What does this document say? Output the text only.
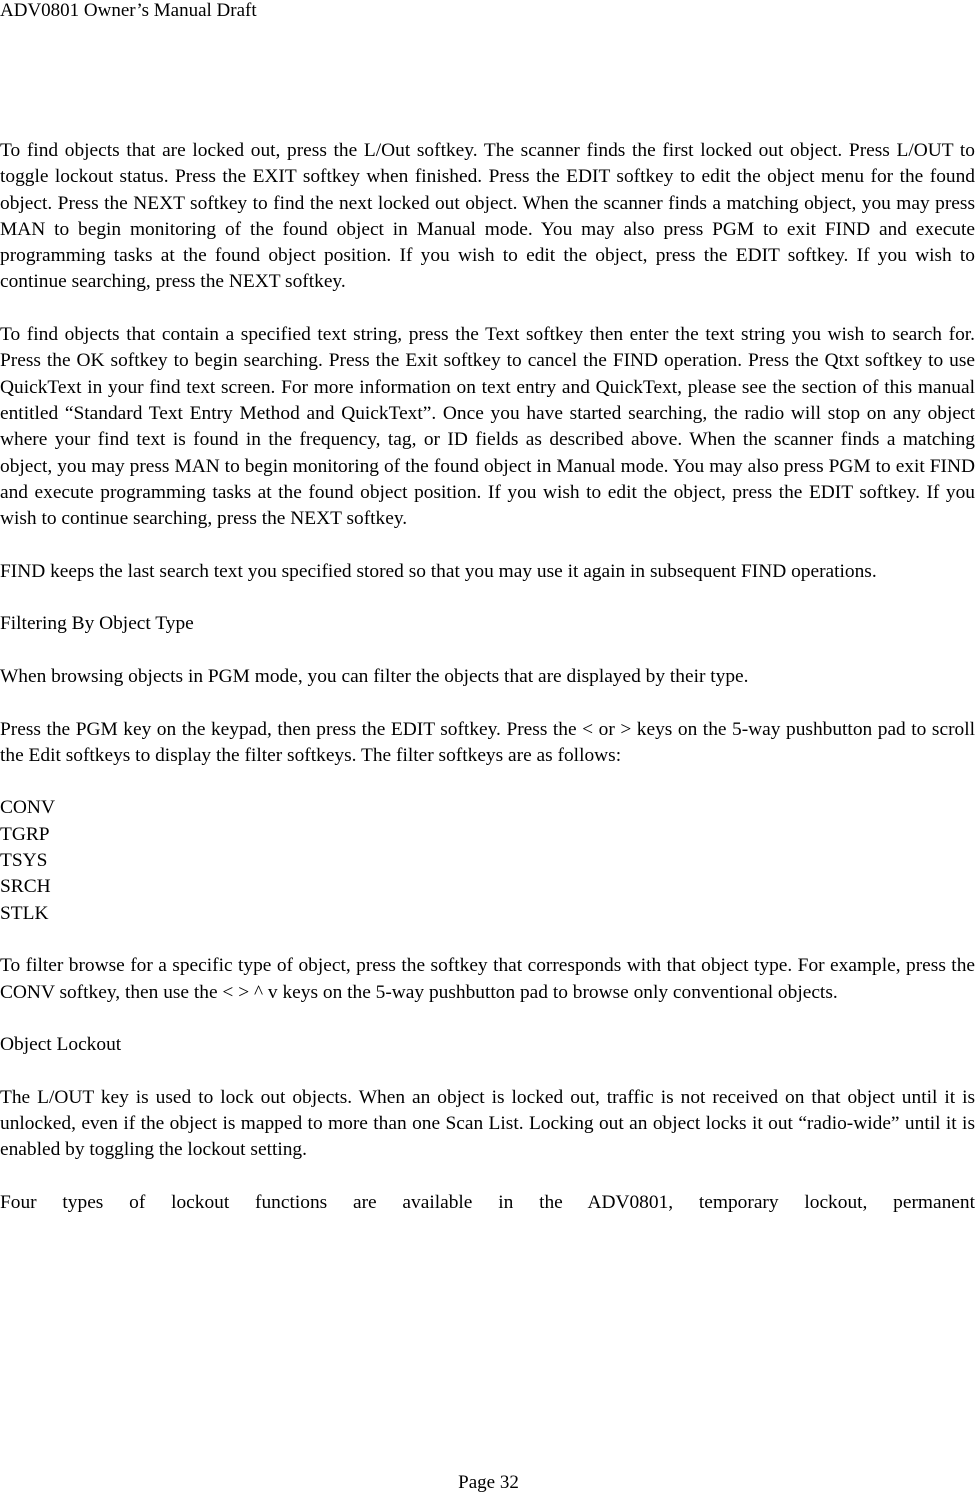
ADV0801 Owner’s Manual Draft

To find objects that are locked out, press the L/Out softkey. The scanner finds the first locked out object. Press L/OUT to toggle lockout status. Press the EXIT softkey when finished. Press the EDIT softkey to edit the object menu for the found object. Press the NEXT softkey to find the next locked out object. When the scanner finds a matching object, you may press MAN to begin monitoring of the found object in Manual mode. You may also press PGM to exit FIND and execute programming tasks at the found object position. If you wish to edit the object, press the EDIT softkey. If you wish to continue searching, press the NEXT softkey.

To find objects that contain a specified text string, press the Text softkey then enter the text string you wish to search for. Press the OK softkey to begin searching. Press the Exit softkey to cancel the FIND operation. Press the Qtxt softkey to use QuickText in your find text screen. For more information on text entry and QuickText, please see the section of this manual entitled “Standard Text Entry Method and QuickText”. Once you have started searching, the radio will stop on any object where your find text is found in the frequency, tag, or ID fields as described above. When the scanner finds a matching object, you may press MAN to begin monitoring of the found object in Manual mode. You may also press PGM to exit FIND and execute programming tasks at the found object position. If you wish to edit the object, press the EDIT softkey. If you wish to continue searching, press the NEXT softkey.

FIND keeps the last search text you specified stored so that you may use it again in subsequent FIND operations.

Filtering By Object Type

When browsing objects in PGM mode, you can filter the objects that are displayed by their type.

Press the PGM key on the keypad, then press the EDIT softkey. Press the < or > keys on the 5-way pushbutton pad to scroll the Edit softkeys to display the filter softkeys. The filter softkeys are as follows:

CONV
TGRP
TSYS
SRCH
STLK

To filter browse for a specific type of object, press the softkey that corresponds with that object type. For example, press the CONV softkey, then use the < > ^ v keys on the 5-way pushbutton pad to browse only conventional objects.

Object Lockout

The L/OUT key is used to lock out objects. When an object is locked out, traffic is not received on that object until it is unlocked, even if the object is mapped to more than one Scan List. Locking out an object locks it out “radio-wide” until it is enabled by toggling the lockout setting.

Four types of lockout functions are available in the ADV0801, temporary lockout, permanent

Page 32
